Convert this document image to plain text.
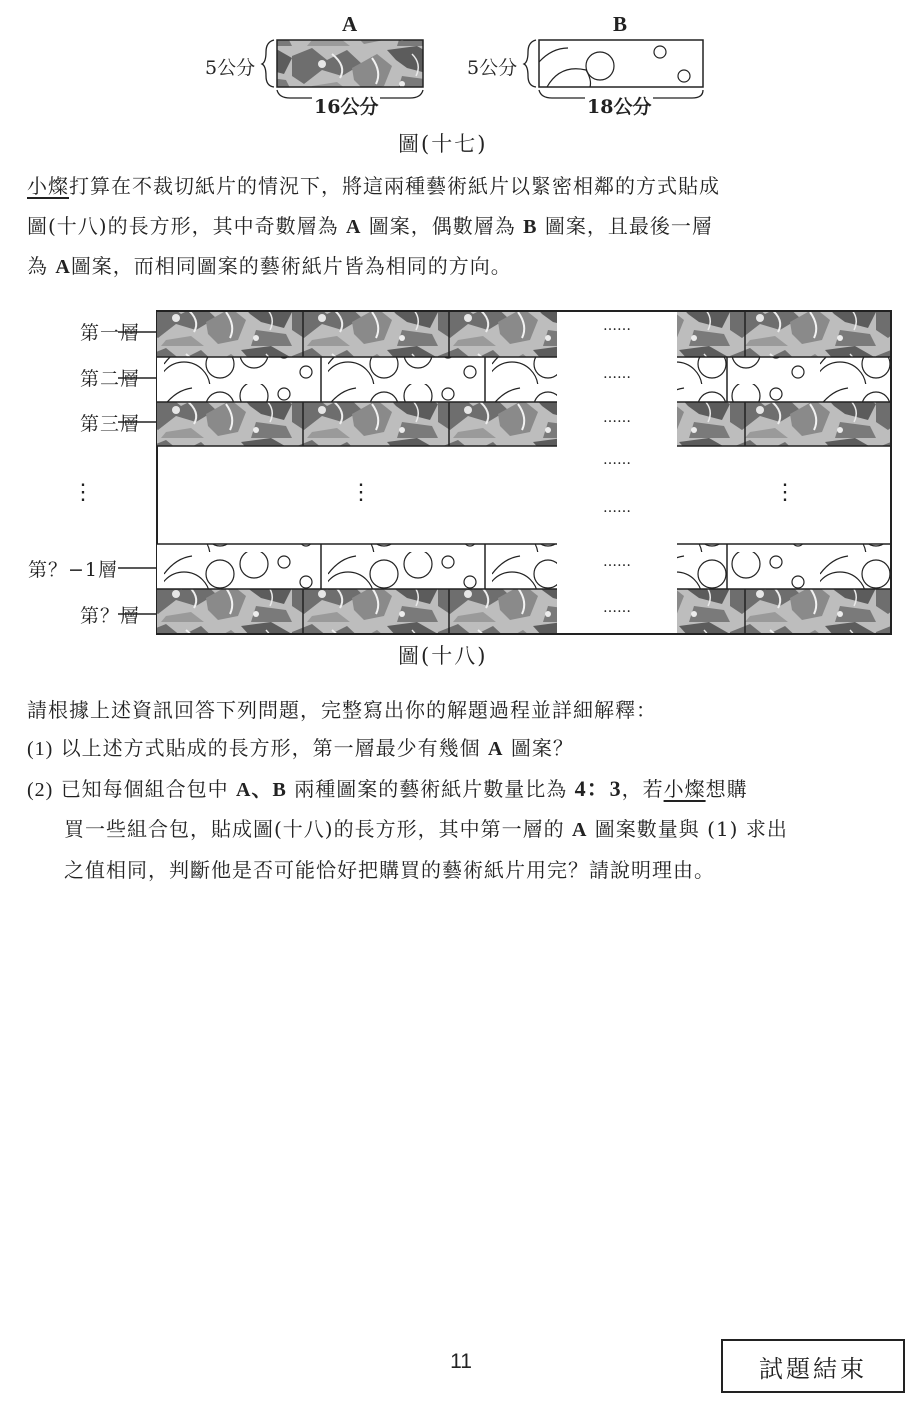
A	B
5公分	5公分
16公分	18公分
圖(十七)
小燦打算在不裁切紙片的情況下，將這兩種藝術紙片以緊密相鄰的方式貼成
圖(十八)的長方形，其中奇數層為 A 圖案，偶數層為 B 圖案，且最後一層
為 A圖案，而相同圖案的藝術紙片皆為相同的方向。
第一層
第二層
第三層
⋮
第？−1層
第？層
……
……
……
……
……
……
……
⋮	⋮
圖(十八)
請根據上述資訊回答下列問題，完整寫出你的解題過程並詳細解釋：
(1) 以上述方式貼成的長方形，第一層最少有幾個 A 圖案？
(2) 已知每個組合包中 A、B 兩種圖案的藝術紙片數量比為 4：3，若小燦想購
買一些組合包，貼成圖(十八)的長方形，其中第一層的 A 圖案數量與 (1) 求出
之值相同，判斷他是否可能恰好把購買的藝術紙片用完？請說明理由。
11	試題結束
